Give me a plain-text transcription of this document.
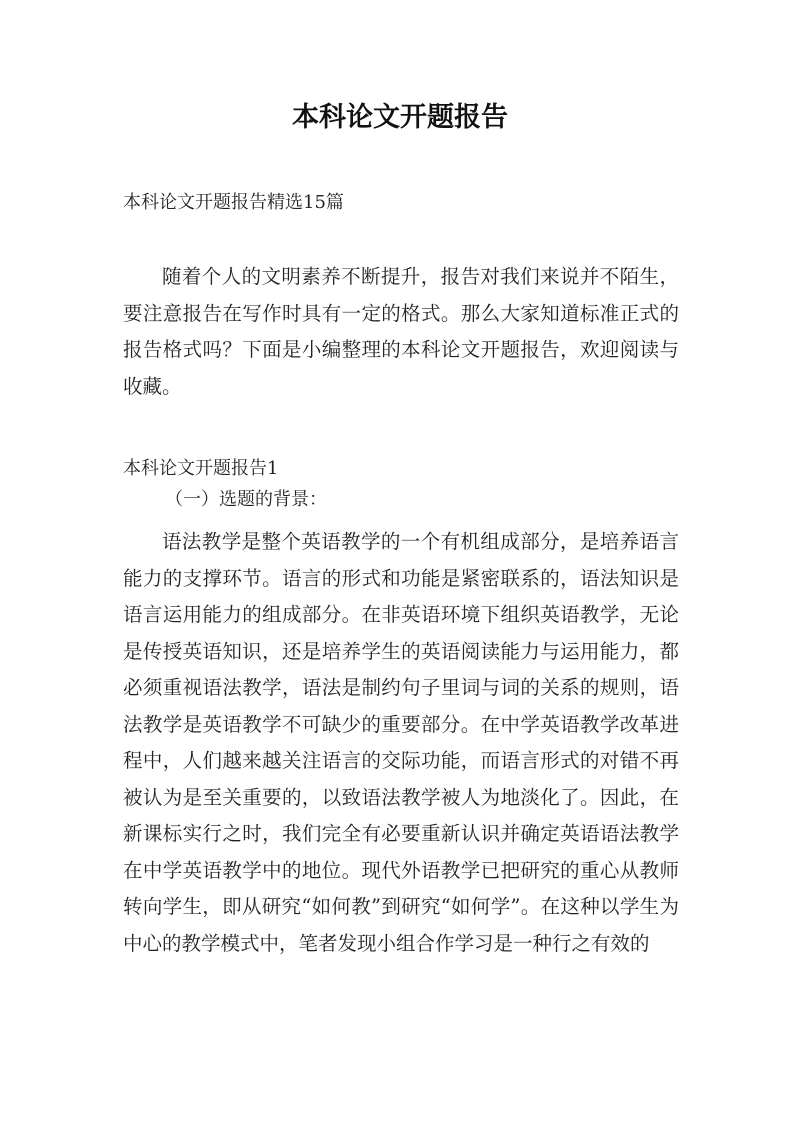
本科论文开题报告

本科论文开题报告精选15篇

随着个人的文明素养不断提升，报告对我们来说并不陌生，要注意报告在写作时具有一定的格式。那么大家知道标准正式的报告格式吗？下面是小编整理的本科论文开题报告，欢迎阅读与收藏。

本科论文开题报告1

（一）选题的背景：

语法教学是整个英语教学的一个有机组成部分，是培养语言能力的支撑环节。语言的形式和功能是紧密联系的，语法知识是语言运用能力的组成部分。在非英语环境下组织英语教学，无论是传授英语知识，还是培养学生的英语阅读能力与运用能力，都必须重视语法教学，语法是制约句子里词与词的关系的规则，语法教学是英语教学不可缺少的重要部分。在中学英语教学改革进程中，人们越来越关注语言的交际功能，而语言形式的对错不再被认为是至关重要的，以致语法教学被人为地淡化了。因此，在新课标实行之时，我们完全有必要重新认识并确定英语语法教学在中学英语教学中的地位。现代外语教学已把研究的重心从教师转向学生，即从研究“如何教”到研究“如何学”。在这种以学生为中心的教学模式中，笔者发现小组合作学习是一种行之有效的
